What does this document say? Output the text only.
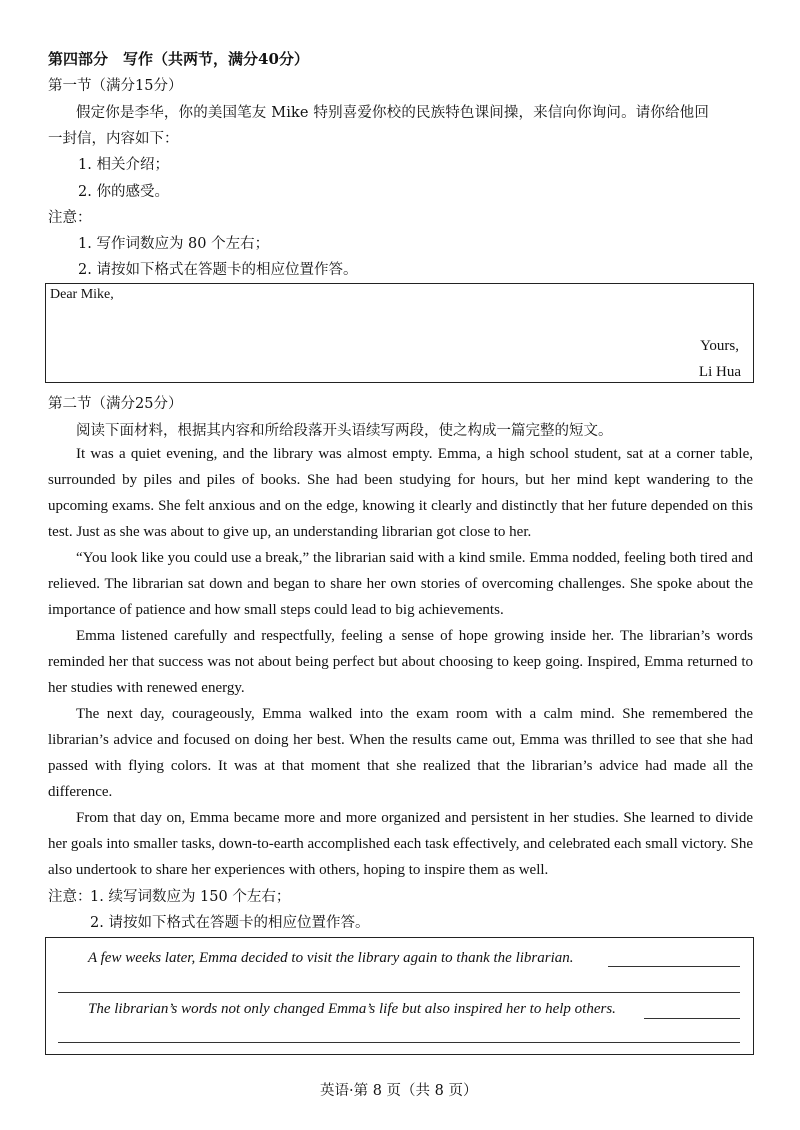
第四部分　写作（共两节，满分40分）
第一节（满分15分）
假定你是李华，你的美国笔友 Mike 特别喜爱你校的民族特色课间操，来信向你询问。请你给他回
一封信，内容如下：
1. 相关介绍；
2. 你的感受。
注意：
1. 写作词数应为 80 个左右；
2. 请按如下格式在答题卡的相应位置作答。
Dear Mike,
Yours,
Li Hua
第二节（满分25分）
阅读下面材料，根据其内容和所给段落开头语续写两段，使之构成一篇完整的短文。

It was a quiet evening, and the library was almost empty. Emma, a high school student, sat at a corner table, surrounded by piles and piles of books. She had been studying for hours, but her mind kept wandering to the upcoming exams. She felt anxious and on the edge, knowing it clearly and distinctly that her future depended on this test. Just as she was about to give up, an understanding librarian got close to her.

“You look like you could use a break,” the librarian said with a kind smile. Emma nodded, feeling both tired and relieved. The librarian sat down and began to share her own stories of overcoming challenges. She spoke about the importance of patience and how small steps could lead to big achievements.

Emma listened carefully and respectfully, feeling a sense of hope growing inside her. The librarian’s words reminded her that success was not about being perfect but about choosing to keep going. Inspired, Emma returned to her studies with renewed energy.

The next day, courageously, Emma walked into the exam room with a calm mind. She remembered the librarian’s advice and focused on doing her best. When the results came out, Emma was thrilled to see that she had passed with flying colors. It was at that moment that she realized that the librarian’s advice had made all the difference.

From that day on, Emma became more and more organized and persistent in her studies. She learned to divide her goals into smaller tasks, down-to-earth accomplished each task effectively, and celebrated each small victory. She also undertook to share her experiences with others, hoping to inspire them as well.

注意：
1. 续写词数应为 150 个左右；
2. 请按如下格式在答题卡的相应位置作答。
A few weeks later, Emma decided to visit the library again to thank the librarian.
The librarian’s words not only changed Emma’s life but also inspired her to help others.
英语·第 8 页（共 8 页）
